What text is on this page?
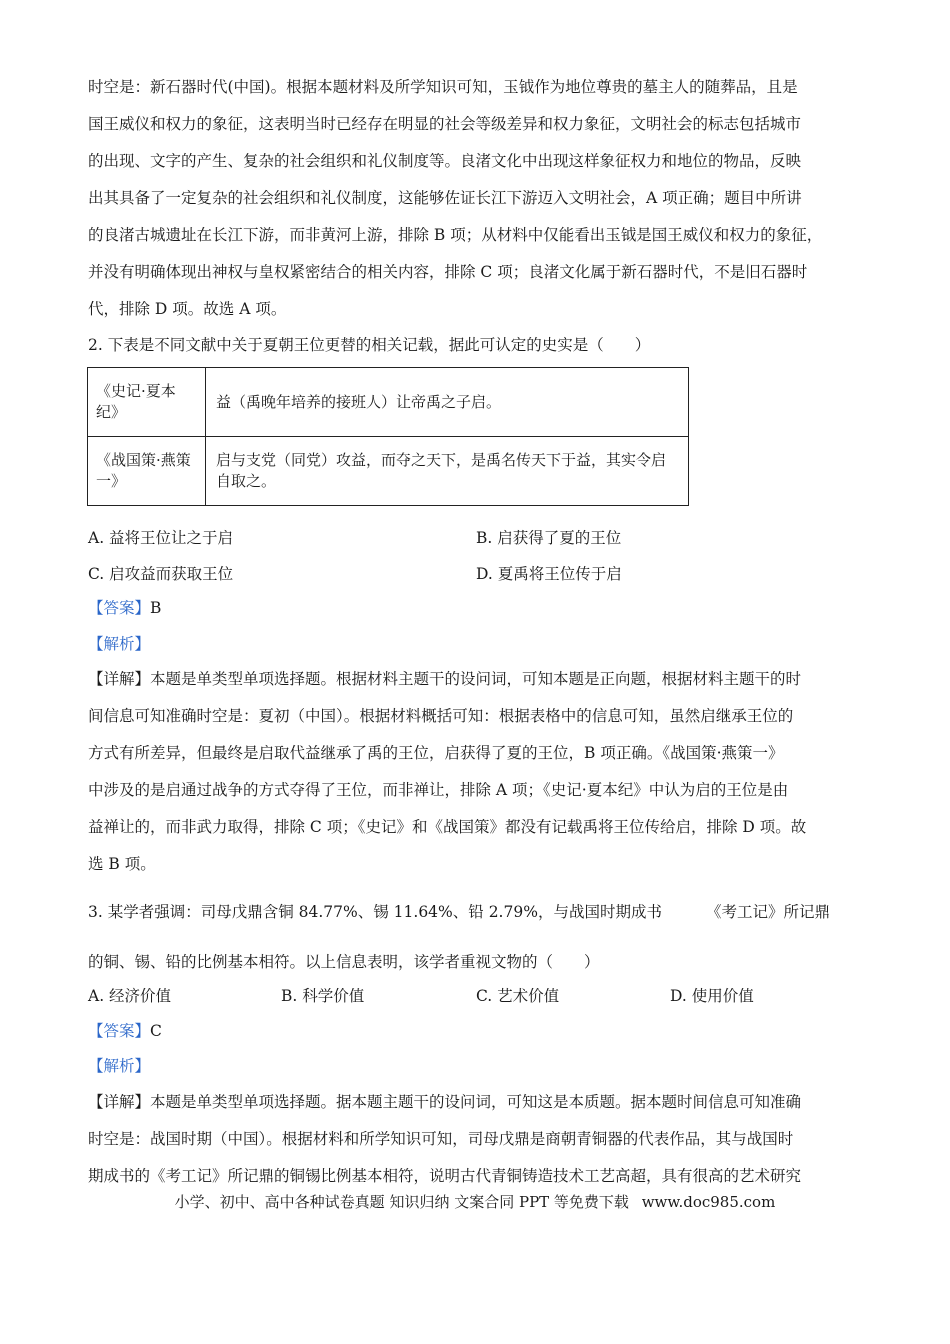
时空是：新石器时代(中国)。根据本题材料及所学知识可知，玉钺作为地位尊贵的墓主人的随葬品，且是
国王威仪和权力的象征，这表明当时已经存在明显的社会等级差异和权力象征，文明社会的标志包括城市
的出现、文字的产生、复杂的社会组织和礼仪制度等。良渚文化中出现这样象征权力和地位的物品，反映
出其具备了一定复杂的社会组织和礼仪制度，这能够佐证长江下游迈入文明社会，A 项正确；题目中所讲
的良渚古城遗址在长江下游，而非黄河上游，排除 B 项；从材料中仅能看出玉钺是国王威仪和权力的象征，
并没有明确体现出神权与皇权紧密结合的相关内容，排除 C 项；良渚文化属于新石器时代，不是旧石器时
代，排除 D 项。故选 A 项。
2. 下表是不同文献中关于夏朝王位更替的相关记载，据此可认定的史实是（　　）
《史记·夏本纪》	益（禹晚年培养的接班人）让帝禹之子启。
《战国策·燕策一》	启与支党（同党）攻益，而夺之天下，是禹名传天下于益，其实令启自取之。
A. 益将王位让之于启	B. 启获得了夏的王位
C. 启攻益而获取王位	D. 夏禹将王位传于启
【答案】B
【解析】
【详解】本题是单类型单项选择题。根据材料主题干的设问词，可知本题是正向题，根据材料主题干的时
间信息可知准确时空是：夏初（中国）。根据材料概括可知：根据表格中的信息可知，虽然启继承王位的
方式有所差异，但最终是启取代益继承了禹的王位，启获得了夏的王位，B 项正确。《战国策·燕策一》
中涉及的是启通过战争的方式夺得了王位，而非禅让，排除 A 项；《史记·夏本纪》中认为启的王位是由
益禅让的，而非武力取得，排除 C 项；《史记》和《战国策》都没有记载禹将王位传给启，排除 D 项。故
选 B 项。
3. 某学者强调：司母戊鼎含铜 84.77%、锡 11.64%、铅 2.79%，与战国时期成书	《考工记》所记鼎
的铜、锡、铅的比例基本相符。以上信息表明，该学者重视文物的（　　）
A. 经济价值	B. 科学价值	C. 艺术价值	D. 使用价值
【答案】C
【解析】
【详解】本题是单类型单项选择题。据本题主题干的设问词，可知这是本质题。据本题时间信息可知准确
时空是：战国时期（中国）。根据材料和所学知识可知，司母戊鼎是商朝青铜器的代表作品，其与战国时
期成书的《考工记》所记鼎的铜锡比例基本相符，说明古代青铜铸造技术工艺高超，具有很高的艺术研究
小学、初中、高中各种试卷真题 知识归纳 文案合同 PPT 等免费下载 www.doc985.com
